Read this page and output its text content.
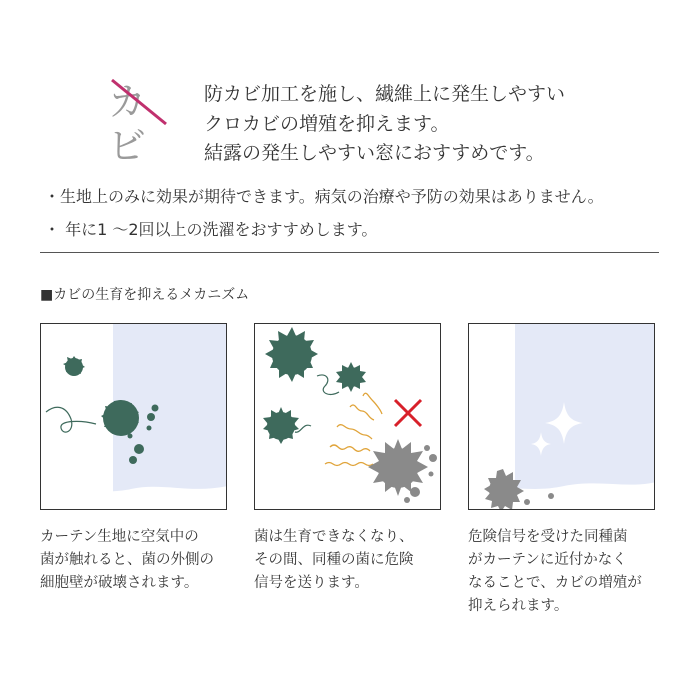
カビ
防カビ加工を施し、繊維上に発生しやすい
クロカビの増殖を抑えます。
結露の発生しやすい窓におすすめです。
・生地上のみに効果が期待できます。病気の治療や予防の効果はありません。
・ 年に1 〜2回以上の洗濯をおすすめします。
■カビの生育を抑えるメカニズム
カーテン生地に空気中の
菌が触れると、菌の外側の
細胞壁が破壊されます。
菌は生育できなくなり、
その間、同種の菌に危険
信号を送ります。
危険信号を受けた同種菌
がカーテンに近付かなく
なることで、カビの増殖が
抑えられます。
